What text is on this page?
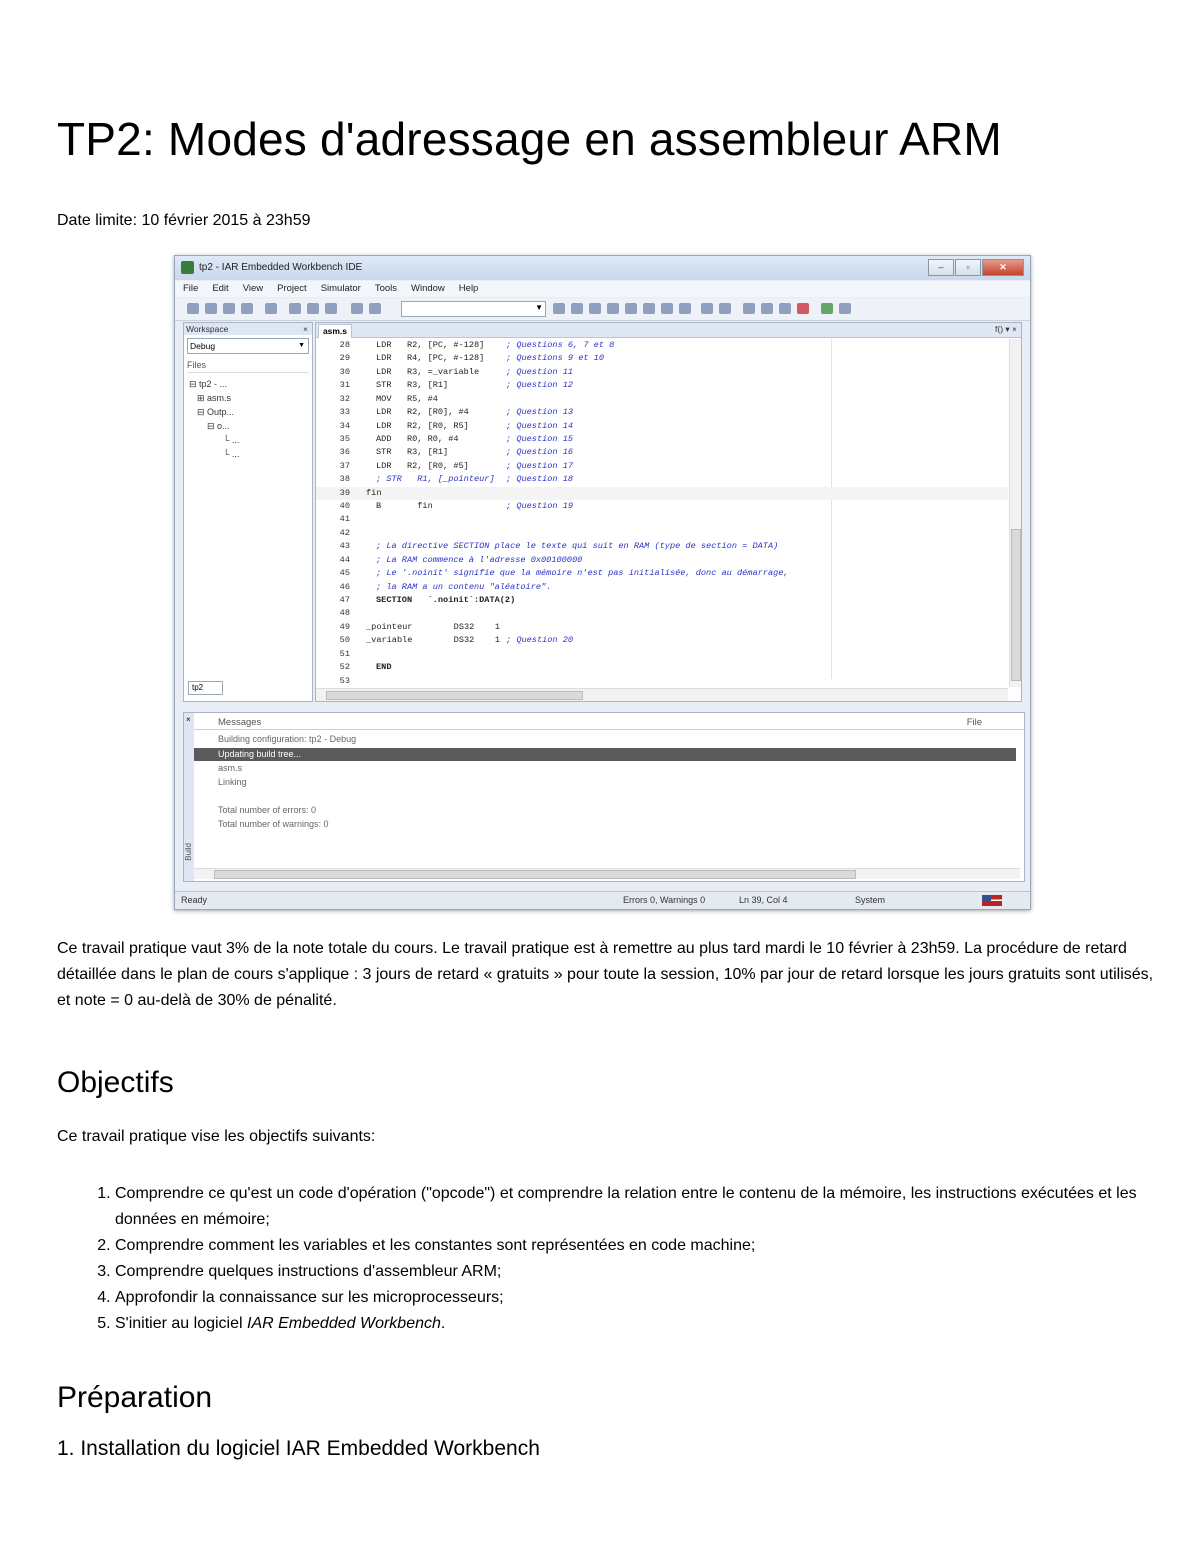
TP2: Modes d'adressage en assembleur ARM
Date limite: 10 février 2015 à 23h59
tp2 - IAR Embedded Workbench IDE	–	▫	✕
File Edit View Project Simulator Tools Window Help
▼
Workspace	×
Debug	▼
Files
⊟ tp2 - ...
⊞ asm.s
⊟ Outp...
⊟ o...
└ ...
└ ...
tp2
asm.s	f() ▾ ×
28	LDR   R2, [PC, #-128]	; Questions 6, 7 et 8
29	LDR   R4, [PC, #-128]	; Questions 9 et 10
30	LDR   R3, =_variable	; Question 11
31	STR   R3, [R1]	; Question 12
32	MOV   R5, #4
33	LDR   R2, [R0], #4	; Question 13
34	LDR   R2, [R0, R5]	; Question 14
35	ADD   R0, R0, #4	; Question 15
36	STR   R3, [R1]	; Question 16
37	LDR   R2, [R0, #5]	; Question 17
38	; STR   R1, [_pointeur] ; Question 18
39 fin
40	B       fin	; Question 19
41
42
43	; La directive SECTION place le texte qui suit en RAM (type de section = DATA)
44	; La RAM commence à l'adresse 0x00100000
45	; Le '.noinit' signifie que la mémoire n'est pas initialisée, donc au démarrage,
46	; la RAM a un contenu "aléatoire".
47	SECTION   `.noinit`:DATA(2)
48
49 _pointeur        DS32    1
50 _variable        DS32    1 ; Question 20
51
52	END
53
×
Build
Messages	File
Building configuration: tp2 - Debug
Updating build tree...
asm.s
Linking
Total number of errors: 0
Total number of warnings: 0
Ready	Errors 0, Warnings 0	Ln 39, Col 4	System
Ce travail pratique vaut 3% de la note totale du cours. Le travail pratique est à remettre au plus tard mardi le 10 février à 23h59. La procédure de retard détaillée dans le plan de cours s'applique : 3 jours de retard « gratuits » pour toute la session, 10% par jour de retard lorsque les jours gratuits sont utilisés, et note = 0 au-delà de 30% de pénalité.
Objectifs
Ce travail pratique vise les objectifs suivants:
1. Comprendre ce qu'est un code d'opération ("opcode") et comprendre la relation entre le contenu de la mémoire, les instructions exécutées et les données en mémoire;
2. Comprendre comment les variables et les constantes sont représentées en code machine;
3. Comprendre quelques instructions d'assembleur ARM;
4. Approfondir la connaissance sur les microprocesseurs;
5. S'initier au logiciel IAR Embedded Workbench.
Préparation
1. Installation du logiciel IAR Embedded Workbench
